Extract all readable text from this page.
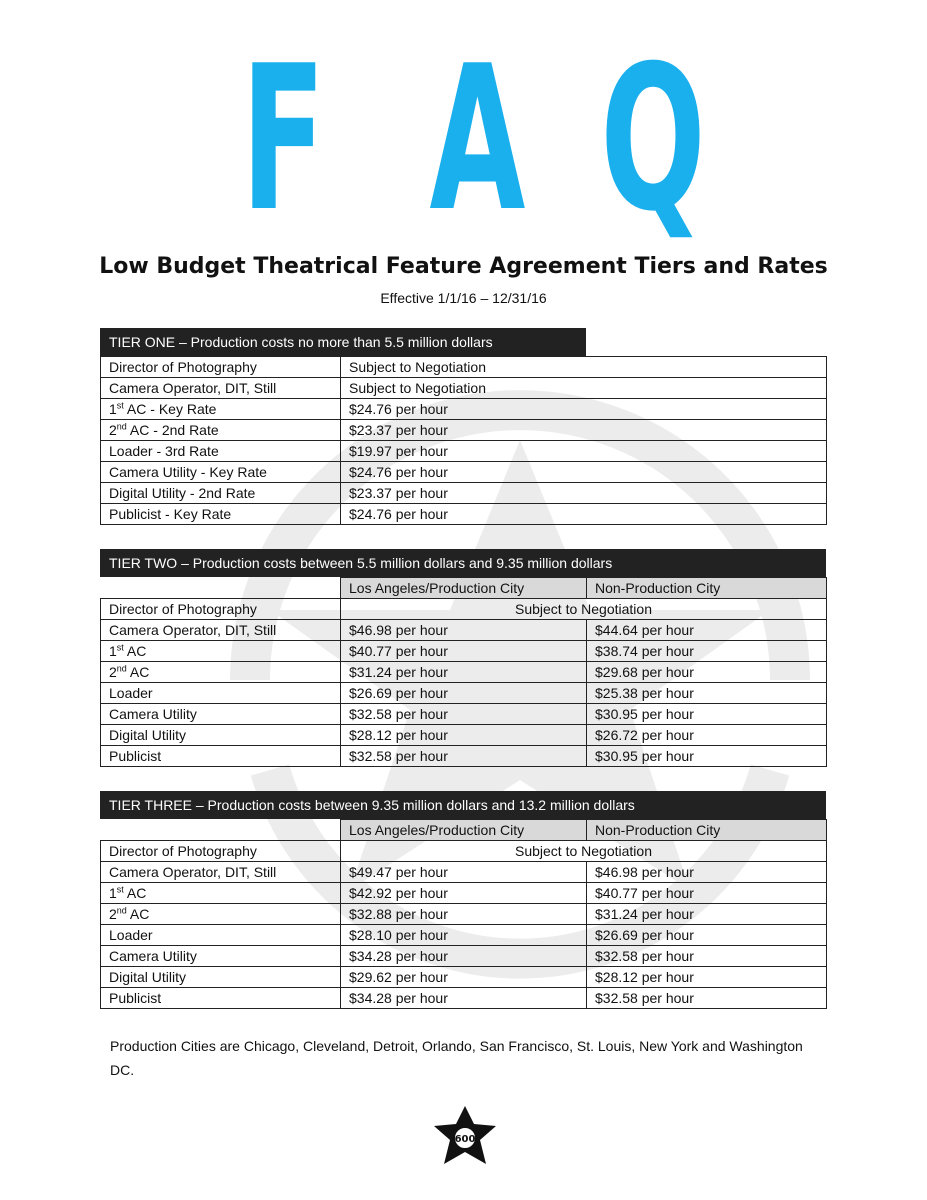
F A Q
Low Budget Theatrical Feature Agreement Tiers and Rates
Effective 1/1/16 – 12/31/16
TIER ONE – Production costs no more than 5.5 million dollars
Director of Photography	Subject to Negotiation
Camera Operator, DIT, Still	Subject to Negotiation
1st AC - Key Rate	$24.76 per hour
2nd AC - 2nd Rate	$23.37 per hour
Loader - 3rd Rate	$19.97 per hour
Camera Utility - Key Rate	$24.76 per hour
Digital Utility - 2nd Rate	$23.37 per hour
Publicist - Key Rate	$24.76 per hour
TIER TWO – Production costs between 5.5 million dollars and 9.35 million dollars
	Los Angeles/Production City	Non-Production City
Director of Photography	Subject to Negotiation	
Camera Operator, DIT, Still	$46.98 per hour	$44.64 per hour
1st AC	$40.77 per hour	$38.74 per hour
2nd AC	$31.24 per hour	$29.68 per hour
Loader	$26.69 per hour	$25.38 per hour
Camera Utility	$32.58 per hour	$30.95 per hour
Digital Utility	$28.12 per hour	$26.72 per hour
Publicist	$32.58 per hour	$30.95 per hour
TIER THREE – Production costs between 9.35 million dollars and 13.2 million dollars
	Los Angeles/Production City	Non-Production City
Director of Photography	Subject to Negotiation	
Camera Operator, DIT, Still	$49.47 per hour	$46.98 per hour
1st AC	$42.92 per hour	$40.77 per hour
2nd AC	$32.88 per hour	$31.24 per hour
Loader	$28.10 per hour	$26.69 per hour
Camera Utility	$34.28 per hour	$32.58 per hour
Digital Utility	$29.62 per hour	$28.12 per hour
Publicist	$34.28 per hour	$32.58 per hour
Production Cities are Chicago, Cleveland, Detroit, Orlando, San Francisco, St. Louis, New York and Washington DC.
600
